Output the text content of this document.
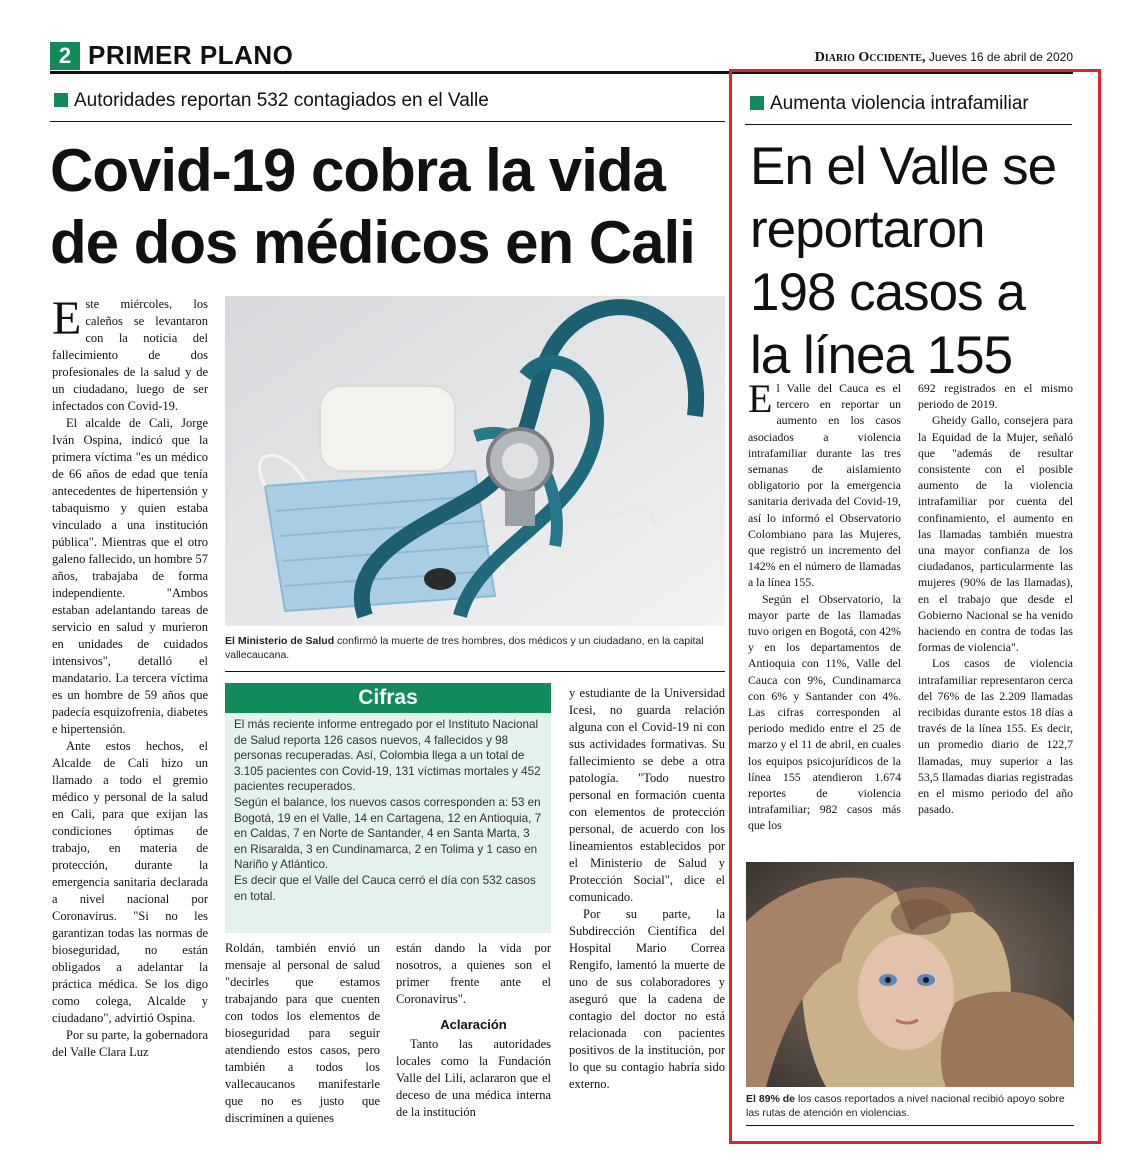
2 PRIMER PLANO	Diario Occidente, Jueves 16 de abril de 2020
Autoridades reportan 532 contagiados en el Valle
Covid-19 cobra la vida
de dos médicos en Cali

Este miércoles, los caleños se levantaron con la noticia del fallecimiento de dos profesionales de la salud y de un ciudadano, luego de ser infectados con Covid-19.

El alcalde de Cali, Jorge Iván Ospina, indicó que la primera víctima "es un médico de 66 años de edad que tenía antecedentes de hipertensión y tabaquismo y quien estaba vinculado a una institución pública". Mientras que el otro galeno fallecido, un hombre 57 años, trabajaba de forma independiente. "Ambos estaban adelantando tareas de servicio en salud y murieron en unidades de cuidados intensivos", detalló el mandatario. La tercera víctima es un hombre de 59 años que padecía esquizofrenia, diabetes e hipertensión.

Ante estos hechos, el Alcalde de Cali hizo un llamado a todo el gremio médico y personal de la salud en Cali, para que exijan las condiciones óptimas de trabajo, en materia de protección, durante la emergencia sanitaria declarada a nivel nacional por Coronavirus. "Si no les garantizan todas las normas de bioseguridad, no están obligados a adelantar la práctica médica. Se los digo como colega, Alcalde y ciudadano", advirtió Ospina.

Por su parte, la gobernadora del Valle Clara Luz

El Ministerio de Salud confirmó la muerte de tres hombres, dos médicos y un ciudadano, en la capital vallecaucana.
Cifras

El más reciente informe entregado por el Instituto Nacional de Salud reporta 126 casos nuevos, 4 fallecidos y 98 personas recuperadas. Así, Colombia llega a un total de 3.105 pacientes con Covid-19, 131 víctimas mortales y 452 pacientes recuperados.

Según el balance, los nuevos casos corresponden a: 53 en Bogotá, 19 en el Valle, 14 en Cartagena, 12 en Antioquia, 7 en Caldas, 7 en Norte de Santander, 4 en Santa Marta, 3 en Risaralda, 3 en Cundinamarca, 2 en Tolima y 1 caso en Nariño y Atlántico.

Es decir que el Valle del Cauca cerró el día con 532 casos en total.

Roldán, también envió un mensaje al personal de salud "decirles que estamos trabajando para que cuenten con todos los elementos de bioseguridad para seguir atendiendo estos casos, pero también a todos los vallecaucanos manifestarle que no es justo que discriminen a quienes

están dando la vida por nosotros, a quienes son el primer frente ante el Coronavirus".

Aclaración

Tanto las autoridades locales como la Fundación Valle del Lili, aclararon que el deceso de una médica interna de la institución

y estudiante de la Universidad Icesi, no guarda relación alguna con el Covid-19 ni con sus actividades formativas. Su fallecimiento se debe a otra patología. "Todo nuestro personal en formación cuenta con elementos de protección personal, de acuerdo con los lineamientos establecidos por el Ministerio de Salud y Protección Social", dice el comunicado.

Por su parte, la Subdirección Científica del Hospital Mario Correa Rengifo, lamentó la muerte de uno de sus colaboradores y aseguró que la cadena de contagio del doctor no está relacionada con pacientes positivos de la institución, por lo que su contagio habría sido externo.

Aumenta violencia intrafamiliar
En el Valle se
reportaron
198 casos a
la línea 155

El Valle del Cauca es el tercero en reportar un aumento en los casos asociados a violencia intrafamiliar durante las tres semanas de aislamiento obligatorio por la emergencia sanitaria derivada del Covid-19, así lo informó el Observatorio Colombiano para las Mujeres, que registró un incremento del 142% en el número de llamadas a la línea 155.

Según el Observatorio, la mayor parte de las llamadas tuvo origen en Bogotá, con 42% y en los departamentos de Antioquia con 11%, Valle del Cauca con 9%, Cundinamarca con 6% y Santander con 4%. Las cifras corresponden al periodo medido entre el 25 de marzo y el 11 de abril, en cuales los equipos psicojurídicos de la línea 155 atendieron 1.674 reportes de violencia intrafamiliar; 982 casos más que los

692 registrados en el mismo periodo de 2019.

Gheidy Gallo, consejera para la Equidad de la Mujer, señaló que "además de resultar consistente con el posible aumento de la violencia intrafamiliar por cuenta del confinamiento, el aumento en las llamadas también muestra una mayor confianza de los ciudadanos, particularmente las mujeres (90% de las llamadas), en el trabajo que desde el Gobierno Nacional se ha venido haciendo en contra de todas las formas de violencia".

Los casos de violencia intrafamiliar representaron cerca del 76% de las 2.209 llamadas recibidas durante estos 18 días a través de la línea 155. Es decir, un promedio diario de 122,7 llamadas, muy superior a las 53,5 llamadas diarias registradas en el mismo periodo del año pasado.

El 89% de los casos reportados a nivel nacional recibió apoyo sobre las rutas de atención en violencias.
